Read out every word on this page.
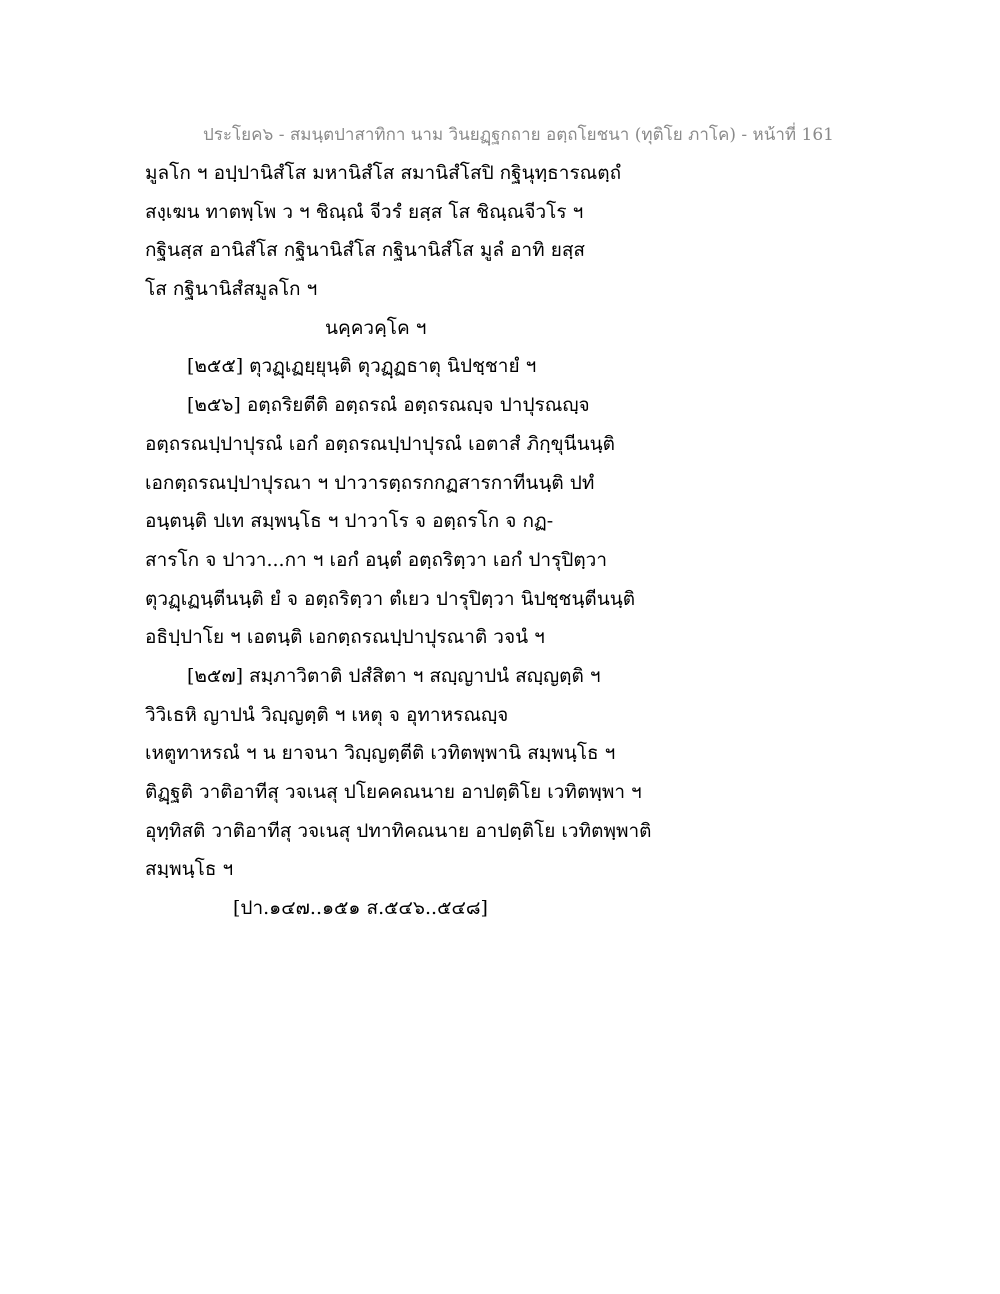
ประโยค๖ - สมนฺตปาสาทิกา นาม วินยฏฺฐกถาย อตฺถโยชนา (ทุติโย ภาโค) - หน้าที่ 161
มูลโก ฯ อปฺปานิสํโส มหานิสํโส สมานิสํโสปิ กฐินุทฺธารณตฺถํ
สงฺเฆน ทาตพฺโพ ว ฯ ชิณฺณํ จีวรํ ยสฺส โส ชิณฺณจีวโร ฯ
กฐินสฺส อานิสํโส กฐินานิสํโส กฐินานิสํโส มูลํ อาทิ ยสฺส
โส กฐินานิสํสมูลโก ฯ
นคฺควคฺโค ฯ
[๒๕๕] ตุวฏฺเฏยฺยุนฺติ ตุวฏฺฏธาตุ นิปชฺชายํ ฯ
[๒๕๖] อตฺถริยตีติ อตฺถรณํ อตฺถรณญฺจ ปาปุรณญฺจ
อตฺถรณปฺปาปุรณํ เอกํ อตฺถรณปฺปาปุรณํ เอตาสํ ภิกฺขุนีนนฺติ
เอกตฺถรณปฺปาปุรณา ฯ ปาวารตฺถรกกฏสารกาทีนนฺติ ปทํ
อนฺตนฺติ ปเท สมฺพนฺโธ ฯ ปาวาโร จ อตฺถรโก จ กฏ-
สารโก จ ปาวา...กา ฯ เอกํ อนฺตํ อตฺถริตฺวา เอกํ ปารุปิตฺวา
ตุวฏฺเฏนฺตีนนฺติ ยํ จ อตฺถริตฺวา ตํเยว ปารุปิตฺวา นิปชฺชนฺตีนนฺติ
อธิปฺปาโย ฯ เอตนฺติ เอกตฺถรณปฺปาปุรณาติ วจนํ ฯ
[๒๕๗] สมฺภาวิตาติ ปสํสิตา ฯ สญฺญาปนํ สญฺญตฺติ ฯ
วิวิเธหิ ญาปนํ วิญฺญตฺติ ฯ เหตุ จ อุทาหรณญฺจ
เหตูทาหรณํ ฯ น ยาจนา วิญฺญตฺตีติ เวทิตพฺพานิ สมฺพนฺโธ ฯ
ติฏฺฐติ วาติอาทีสุ วจเนสุ ปโยคคณนาย อาปตฺติโย เวทิตพฺพา ฯ
อุทฺทิสติ วาติอาทีสุ วจเนสุ ปทาทิคณนาย อาปตฺติโย เวทิตพฺพาติ
สมฺพนฺโธ ฯ
[ปา.๑๔๗..๑๕๑ ส.๕๔๖..๕๔๘]
